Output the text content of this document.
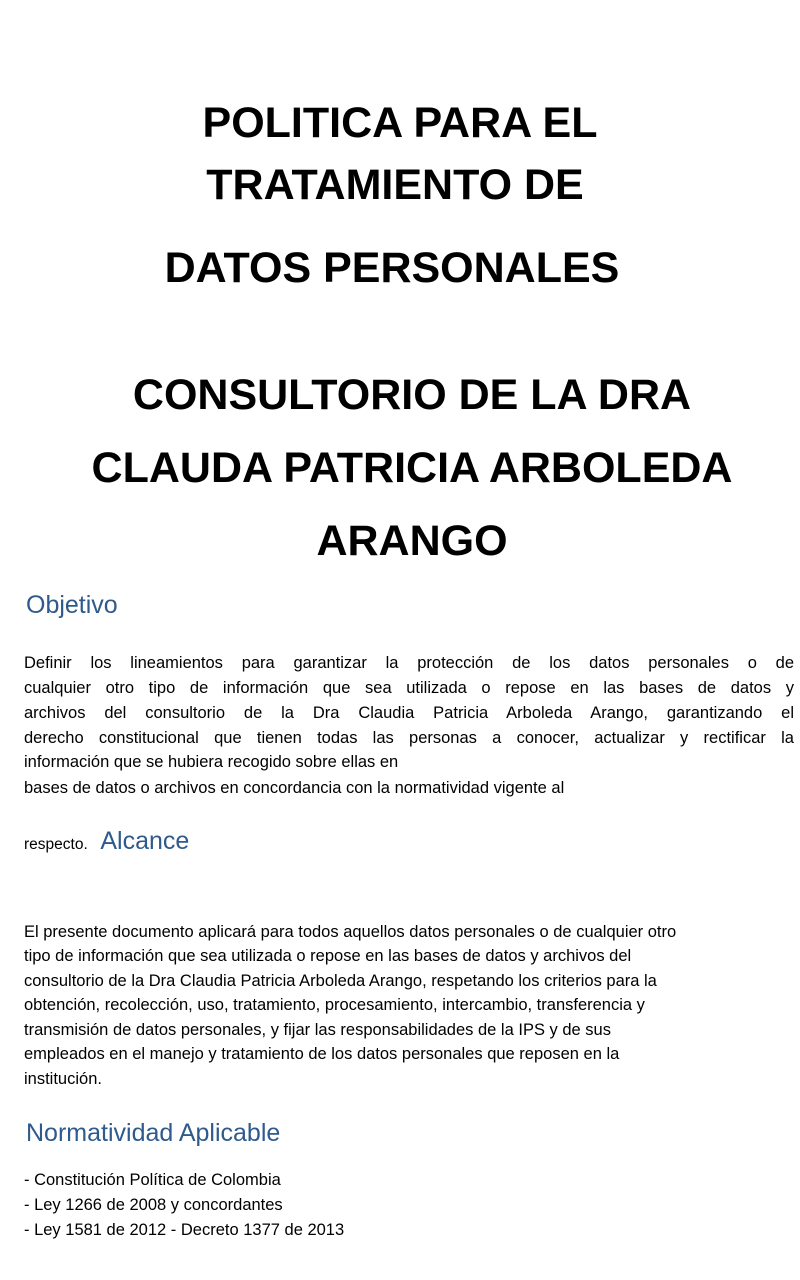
POLITICA PARA EL
TRATAMIENTO DE
DATOS PERSONALES
CONSULTORIO DE LA DRA
CLAUDA PATRICIA ARBOLEDA
ARANGO
Objetivo

Definir los lineamientos para garantizar la protección de los datos personales o de

cualquier otro tipo de información que sea utilizada o repose en las bases de datos y

archivos del consultorio de la Dra Claudia Patricia Arboleda Arango, garantizando el

derecho constitucional que tienen todas las personas a conocer, actualizar y rectificar la

información que se hubiera recogido sobre ellas en

bases de datos o archivos en concordancia con la normatividad vigente al

respecto. Alcance

El presente documento aplicará para todos aquellos datos personales o de cualquier otro

tipo de información que sea utilizada o repose en las bases de datos y archivos del

consultorio de la Dra Claudia Patricia Arboleda Arango, respetando los criterios para la

obtención, recolección, uso, tratamiento, procesamiento, intercambio, transferencia y

transmisión de datos personales, y fijar las responsabilidades de la IPS y de sus

empleados en el manejo y tratamiento de los datos personales que reposen en la

institución.

Normatividad Aplicable

- Constitución Política de Colombia

- Ley 1266 de 2008 y concordantes

- Ley 1581 de 2012 - Decreto 1377 de 2013
